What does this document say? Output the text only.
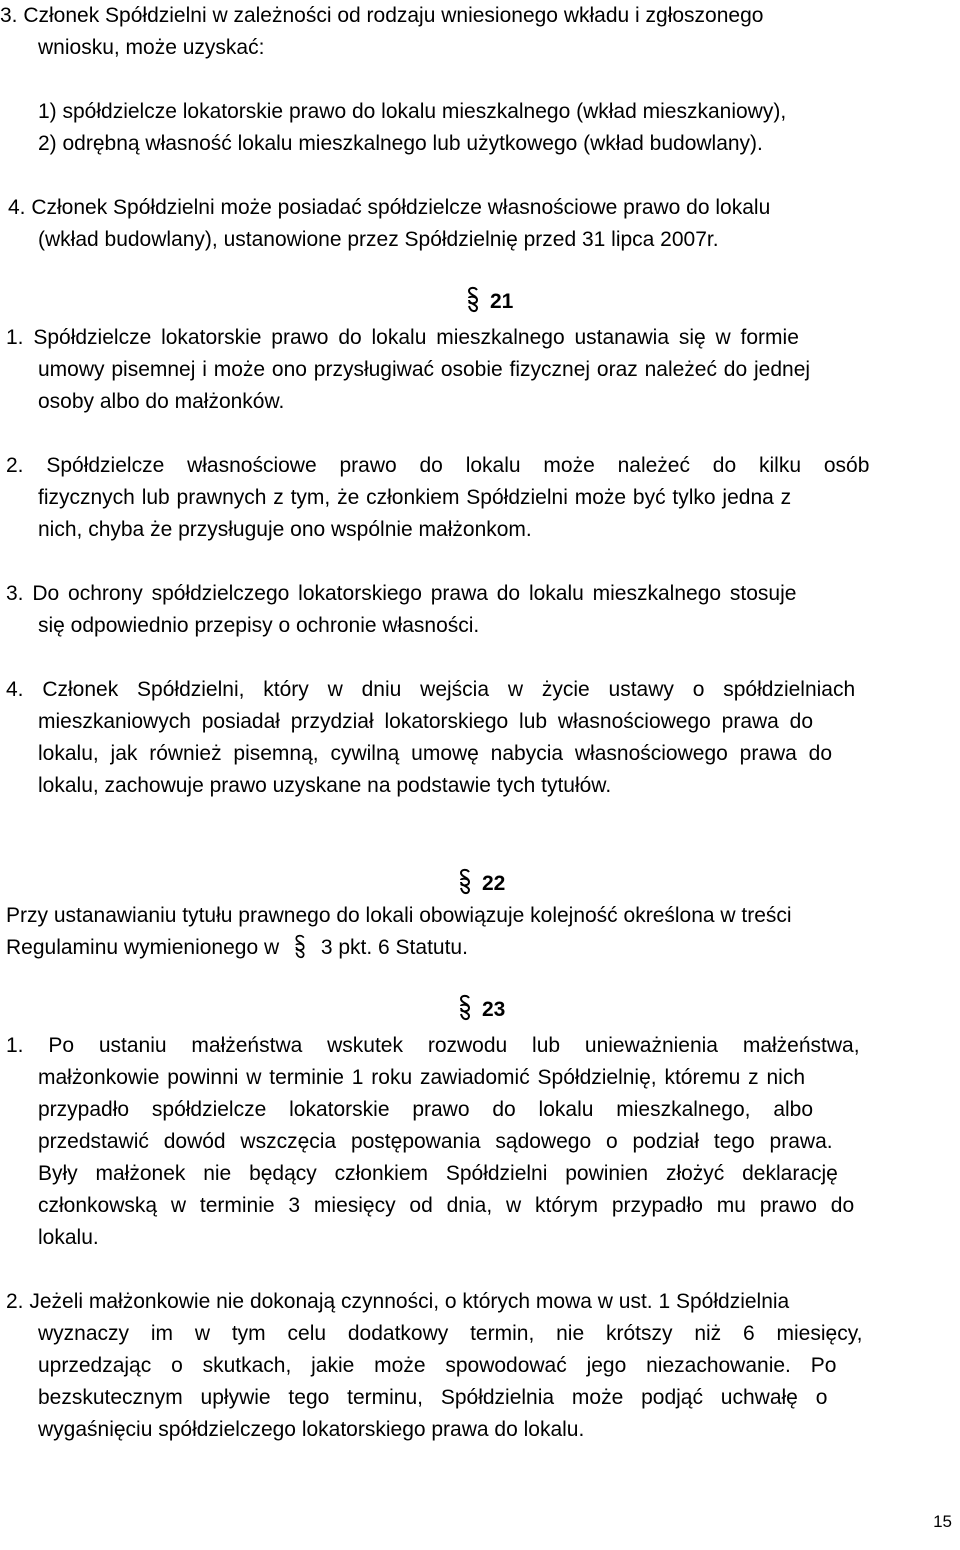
3. Członek Spółdzielni w zależności od rodzaju wniesionego wkładu i zgłoszonego
wniosku, może uzyskać:
1) spółdzielcze lokatorskie prawo do lokalu mieszkalnego (wkład mieszkaniowy),
2) odrębną własność lokalu mieszkalnego lub użytkowego (wkład budowlany).
4. Członek Spółdzielni może posiadać spółdzielcze własnościowe prawo do lokalu
(wkład budowlany), ustanowione przez Spółdzielnię przed 31 lipca 2007r.
21
1. Spółdzielcze lokatorskie prawo do lokalu mieszkalnego ustanawia się w formie
umowy pisemnej i może ono przysługiwać osobie fizycznej oraz należeć do jednej
osoby albo do małżonków.
2. Spółdzielcze własnościowe prawo do lokalu może należeć do kilku osób
fizycznych lub prawnych z tym, że członkiem Spółdzielni może być tylko jedna z
nich, chyba że przysługuje ono wspólnie małżonkom.
3. Do ochrony spółdzielczego lokatorskiego prawa do lokalu mieszkalnego stosuje
się odpowiednio przepisy o ochronie własności.
4. Członek Spółdzielni, który w dniu wejścia w życie ustawy o spółdzielniach
mieszkaniowych posiadał przydział lokatorskiego lub własnościowego prawa do
lokalu, jak również pisemną, cywilną umowę nabycia własnościowego prawa do
lokalu, zachowuje prawo uzyskane na podstawie tych tytułów.
22
Przy ustanawianiu tytułu prawnego do lokali obowiązuje kolejność określona w treści
Regulaminu wymienionego w 3 pkt. 6 Statutu.
23
1. Po ustaniu małżeństwa wskutek rozwodu lub unieważnienia małżeństwa,
małżonkowie powinni w terminie 1 roku zawiadomić Spółdzielnię, któremu z nich
przypadło spółdzielcze lokatorskie prawo do lokalu mieszkalnego, albo
przedstawić dowód wszczęcia postępowania sądowego o podział tego prawa.
Były małżonek nie będący członkiem Spółdzielni powinien złożyć deklarację
członkowską w terminie 3 miesięcy od dnia, w którym przypadło mu prawo do
lokalu.
2. Jeżeli małżonkowie nie dokonają czynności, o których mowa w ust. 1 Spółdzielnia
wyznaczy im w tym celu dodatkowy termin, nie krótszy niż 6 miesięcy,
uprzedzając o skutkach, jakie może spowodować jego niezachowanie. Po
bezskutecznym upływie tego terminu, Spółdzielnia może podjąć uchwałę o
wygaśnięciu spółdzielczego lokatorskiego prawa do lokalu.
15
